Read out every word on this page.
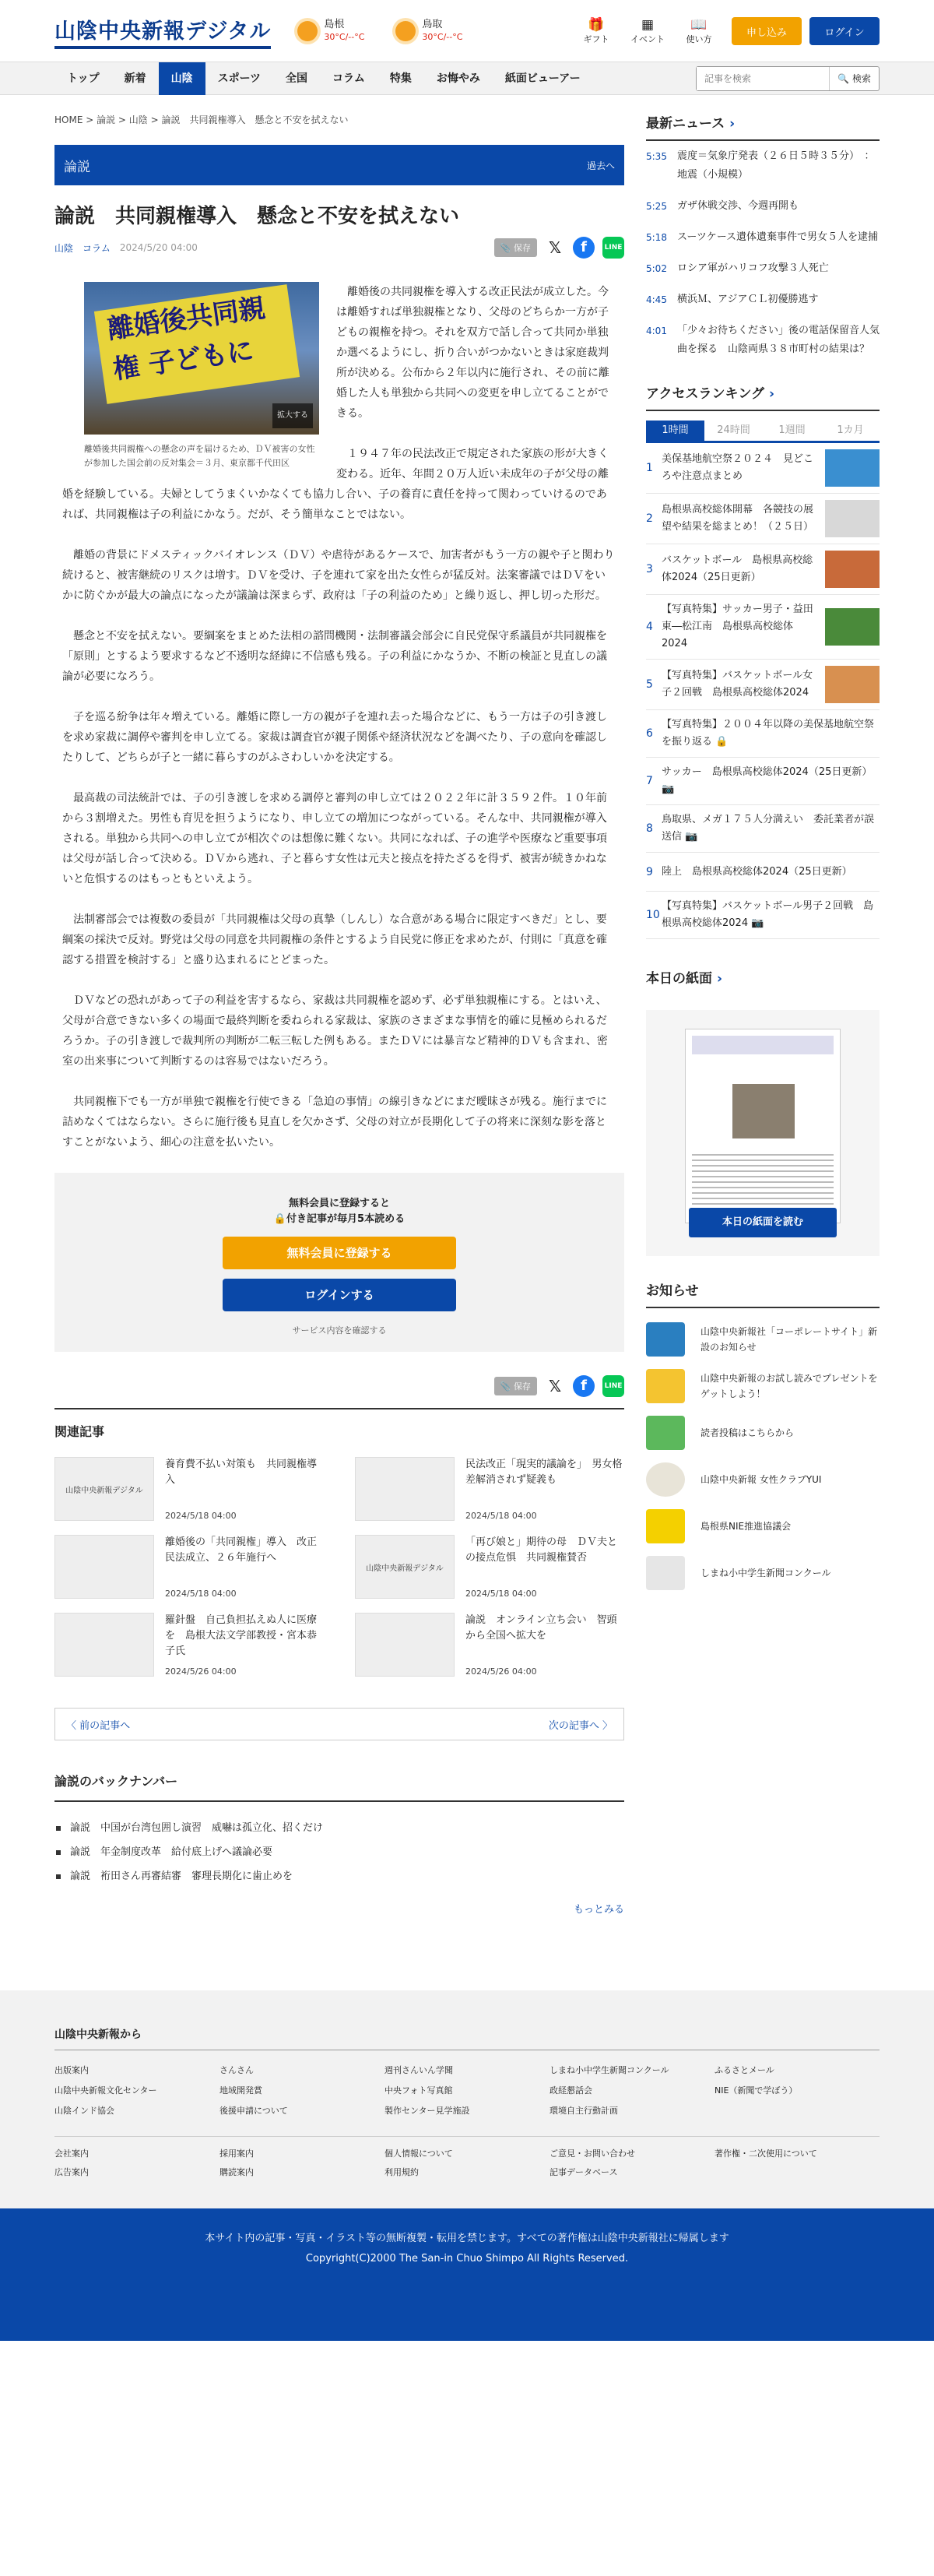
山陰中央新報デジタル	島根
30°C/--°C
鳥取
30°C/--°C
🎁
ギフト
▦
イベント
📖
使い方
申し込み	ログイン
トップ	新着	山陰	スポーツ	全国	コラム	特集	お悔やみ	紙面ビューアー
記事を検索	🔍 検索
HOME > 論説 > 山陰 > 論説　共同親権導入　懸念と不安を拭えない
論説	過去へ
論説　共同親権導入　懸念と不安を拭えない
山陰 コラム 2024/5/20 04:00	📎 保存	𝕏	f	LINE
離婚後共同親権 子どもに
拡大する
離婚後共同親権への懸念の声を届けるため、ＤＶ被害の女性が参加した国会前の反対集会＝３月、東京都千代田区

離婚後の共同親権を導入する改正民法が成立した。今は離婚すれば単独親権となり、父母のどちらか一方が子どもの親権を持つ。それを双方で話し合って共同か単独か選べるようにし、折り合いがつかないときは家庭裁判所が決める。公布から２年以内に施行され、その前に離婚した人も単独から共同への変更を申し立てることができる。

１９４７年の民法改正で規定された家族の形が大きく変わる。近年、年間２０万人近い未成年の子が父母の離婚を経験している。夫婦としてうまくいかなくても協力し合い、子の養育に責任を持って関わっていけるのであれば、共同親権は子の利益にかなう。だが、そう簡単なことではない。

離婚の背景にドメスティックバイオレンス（ＤＶ）や虐待があるケースで、加害者がもう一方の親や子と関わり続けると、被害継続のリスクは増す。ＤＶを受け、子を連れて家を出た女性らが猛反対。法案審議ではＤＶをいかに防ぐかが最大の論点になったが議論は深まらず、政府は「子の利益のため」と繰り返し、押し切った形だ。

懸念と不安を拭えない。要綱案をまとめた法相の諮問機関・法制審議会部会に自民党保守系議員が共同親権を「原則」とするよう要求するなど不透明な経緯に不信感も残る。子の利益にかなうか、不断の検証と見直しの議論が必要になろう。

子を巡る紛争は年々増えている。離婚に際し一方の親が子を連れ去った場合などに、もう一方は子の引き渡しを求め家裁に調停や審判を申し立てる。家裁は調査官が親子関係や経済状況などを調べたり、子の意向を確認したりして、どちらが子と一緒に暮らすのがふさわしいかを決定する。

最高裁の司法統計では、子の引き渡しを求める調停と審判の申し立ては２０２２年に計３５９２件。１０年前から３割増えた。男性も育児を担うようになり、申し立ての増加につながっている。そんな中、共同親権が導入される。単独から共同への申し立てが相次ぐのは想像に難くない。共同になれば、子の進学や医療など重要事項は父母が話し合って決める。ＤＶから逃れ、子と暮らす女性は元夫と接点を持たざるを得ず、被害が続きかねないと危惧するのはもっともといえよう。

法制審部会では複数の委員が「共同親権は父母の真摯（しんし）な合意がある場合に限定すべきだ」とし、要綱案の採決で反対。野党は父母の同意を共同親権の条件とするよう自民党に修正を求めたが、付則に「真意を確認する措置を検討する」と盛り込まれるにとどまった。

ＤＶなどの恐れがあって子の利益を害するなら、家裁は共同親権を認めず、必ず単独親権にする。とはいえ、父母が合意できない多くの場面で最終判断を委ねられる家裁は、家族のさまざまな事情を的確に見極められるだろうか。子の引き渡しで裁判所の判断が二転三転した例もある。またＤＶには暴言など精神的ＤＶも含まれ、密室の出来事について判断するのは容易ではないだろう。

共同親権下でも一方が単独で親権を行使できる「急迫の事情」の線引きなどにまだ曖昧さが残る。施行までに詰めなくてはならない。さらに施行後も見直しを欠かさず、父母の対立が長期化して子の将来に深刻な影を落とすことがないよう、細心の注意を払いたい。

無料会員に登録すると
🔒付き記事が毎月5本読める
無料会員に登録する
ログインする
サービス内容を確認する
📎 保存	𝕏	f	LINE
関連記事
山陰中央新報デジタル
養育費不払い対策も　共同親権導入
2024/5/18 04:00
民法改正「現実的議論を」　男女格差解消されず疑義も
2024/5/18 04:00
離婚後の「共同親権」導入　改正民法成立、２６年施行へ
2024/5/18 04:00
山陰中央新報デジタル
「再び娘と」期待の母　ＤＶ夫との接点危惧　共同親権賛否
2024/5/18 04:00
羅針盤　自己負担払えぬ人に医療を　島根大法文学部教授・宮本恭子氏
2024/5/26 04:00
論説　オンライン立ち会い　智頭から全国へ拡大を
2024/5/26 04:00
〈 前の記事へ	次の記事へ 〉
論説のバックナンバー
論説　中国が台湾包囲し演習　威嚇は孤立化、招くだけ
論説　年金制度改革　給付底上げへ議論必要
論説　裄田さん再審結審　審理長期化に歯止めを
もっとみる
最新ニュース ›
5:35	震度＝気象庁発表（２６日５時３５分）　：地震（小規模）
5:25	ガザ休戦交渉、今週再開も
5:18	スーツケース遺体遺棄事件で男女５人を逮捕
5:02	ロシア軍がハリコフ攻撃３人死亡
4:45	横浜Ｍ、アジアＣＬ初優勝逃す
4:01	「少々お待ちください」後の電話保留音人気曲を探る　山陰両県３８市町村の結果は？
アクセスランキング ›
1時間	24時間	1週間	1カ月
1
美保基地航空祭２０２４　見どころや注意点まとめ
2
島根県高校総体開幕　各競技の展望や結果を総まとめ！（２５日）
3
バスケットボール　島根県高校総体2024（25日更新）
4
【写真特集】サッカー男子・益田東―松江南　島根県高校総体2024
5
【写真特集】バスケットボール女子２回戦　島根県高校総体2024
6
【写真特集】２００４年以降の美保基地航空祭を振り返る 🔒
7
サッカー　島根県高校総体2024（25日更新） 📷
8
鳥取県、メガ１７５人分満えい　委託業者が誤送信 📷
9 陸上　島根県高校総体2024（25日更新）
10
【写真特集】バスケットボール男子２回戦　島根県高校総体2024 📷
本日の紙面 ›
本日の紙面を読む
お知らせ
山陰中央新報社「コーポレートサイト」新設のお知らせ
山陰中央新報のお試し読みでプレゼントをゲットしよう！
読者投稿はこちらから
山陰中央新報 女性クラブYUI
島根県NIE推進協議会
しまね小中学生新聞コンクール
山陰中央新報から
出版案内	さんさん	週刊さんいん学聞	しまね小中学生新聞コンクール	ふるさとメール
山陰中央新報文化センター	地域開発賞	中央フォト写真館	政経懇話会	NIE（新聞で学ぼう）
山陰インド協会	後援申請について	製作センター見学施設	環境自主行動計画
会社案内	採用案内	個人情報について	ご意見・お問い合わせ	著作権・二次使用について
広告案内	購読案内	利用規約	記事データベース
本サイト内の記事・写真・イラスト等の無断複製・転用を禁じます。すべての著作権は山陰中央新報社に帰属します
Copyright(C)2000 The San-in Chuo Shimpo All Rights Reserved.
